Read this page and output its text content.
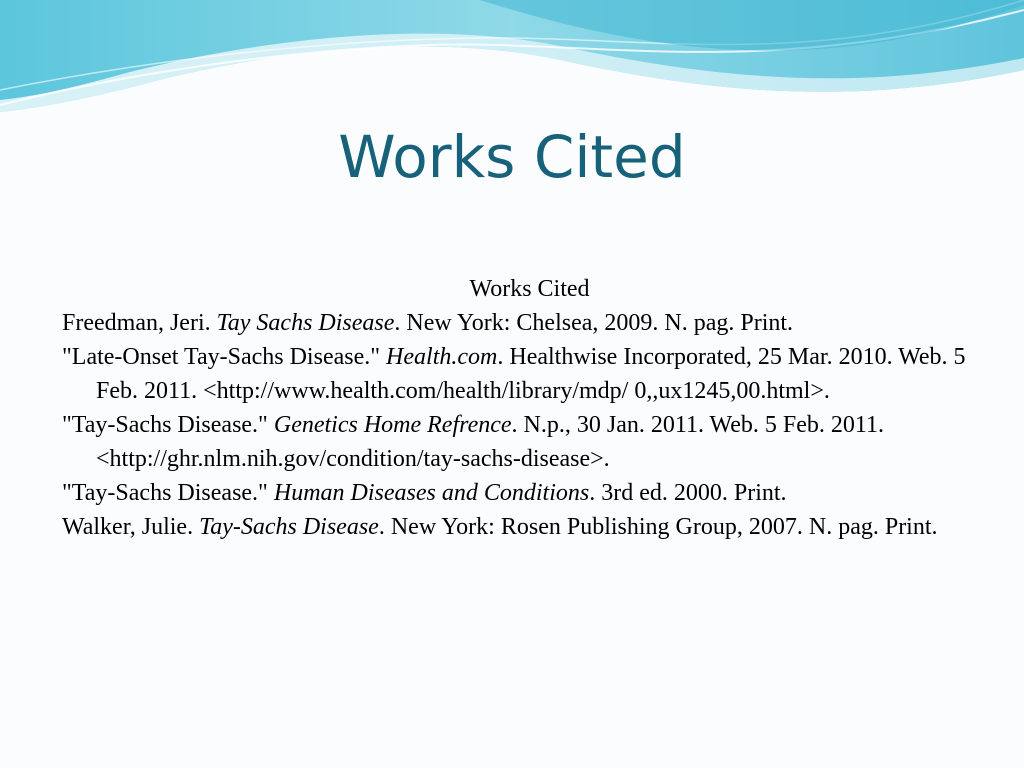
Works Cited
Works Cited
Freedman, Jeri. Tay Sachs Disease. New York: Chelsea, 2009. N. pag. Print.
"Late-Onset Tay-Sachs Disease." Health.com. Healthwise Incorporated, 25 Mar. 2010. Web. 5 Feb. 2011. <http://www.health.com/health/library/mdp/ 0,,ux1245,00.html>.
"Tay-Sachs Disease." Genetics Home Refrence. N.p., 30 Jan. 2011. Web. 5 Feb. 2011. <http://ghr.nlm.nih.gov/condition/tay-sachs-disease>.
"Tay-Sachs Disease." Human Diseases and Conditions. 3rd ed. 2000. Print.
Walker, Julie. Tay-Sachs Disease. New York: Rosen Publishing Group, 2007. N. pag. Print.
